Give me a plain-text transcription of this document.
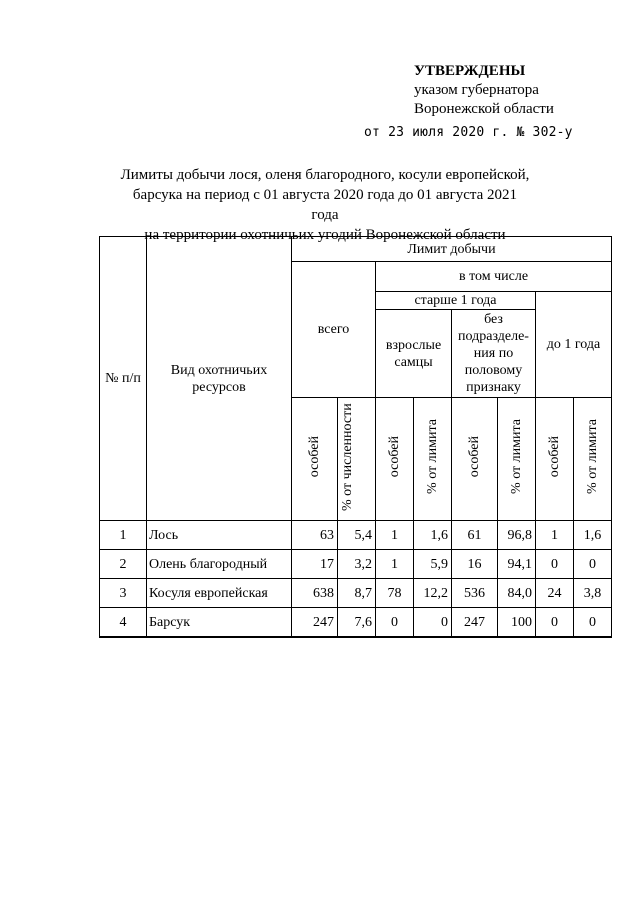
УТВЕРЖДЕНЫ
указом губернатора
Воронежской области
от 23 июля 2020 г. № 302-у
Лимиты добычи лося, оленя благородного, косули европейской,
барсука на период с 01 августа 2020 года до 01 августа 2021 года
на территории охотничьих угодий Воронежской области
№ п/п	Вид охотничьих ресурсов	Лимит добычи							
		всего		в том числе					
				старше 1 года				до 1 года	
				взрослые самцы		без подразделе-ния по половому признаку			
		особей	% от численности	особей	% от лимита	особей	% от лимита	особей	% от лимита
1	Лось	63	5,4	1	1,6	61	96,8	1	1,6
2	Олень благородный	17	3,2	1	5,9	16	94,1	0	0
3	Косуля европейская	638	8,7	78	12,2	536	84,0	24	3,8
4	Барсук	247	7,6	0	0	247	100	0	0
